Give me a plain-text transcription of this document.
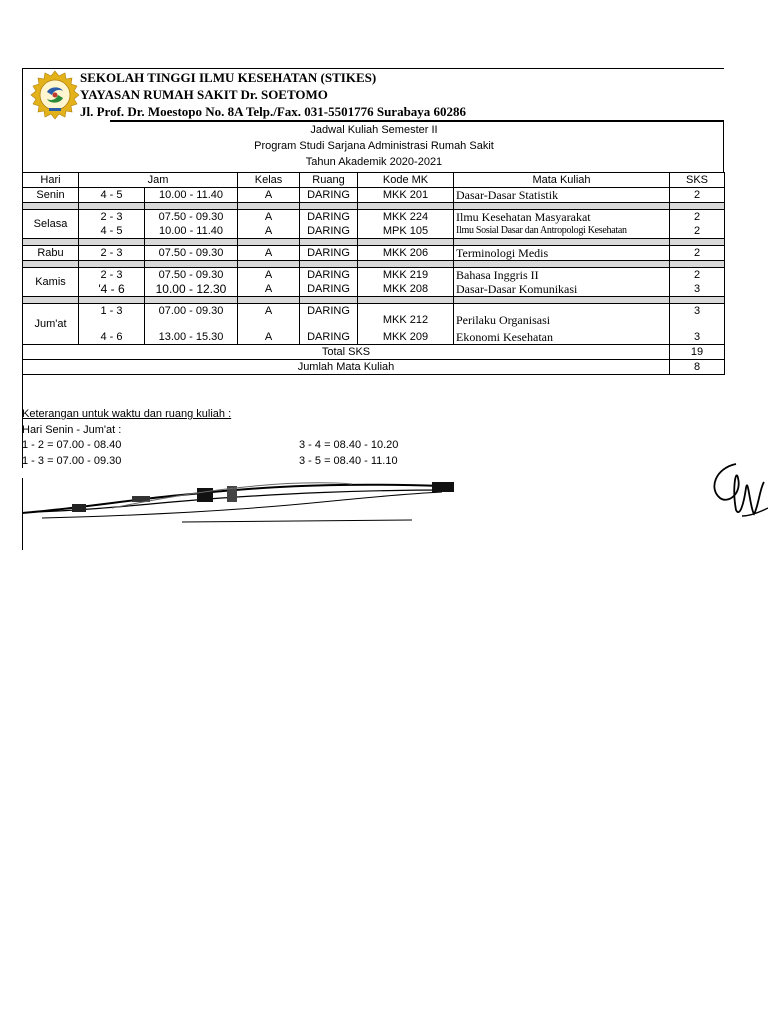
SEKOLAH TINGGI ILMU KESEHATAN (STIKES)
YAYASAN RUMAH SAKIT Dr. SOETOMO
Jl. Prof. Dr. Moestopo No. 8A Telp./Fax. 031-5501776 Surabaya 60286
Jadwal Kuliah Semester II
Program Studi Sarjana Administrasi Rumah Sakit
Tahun Akademik 2020-2021
Hari	Jam		Kelas	Ruang	Kode MK	Mata Kuliah	SKS
Senin	4 - 5	10.00 - 11.40	A	DARING	MKK 201	Dasar-Dasar Statistik	2

Selasa	2 - 3	07.50 - 09.30	A	DARING	MKK 224	Ilmu Kesehatan Masyarakat	2
	4 - 5	10.00 - 11.40	A	DARING	MPK 105	Ilmu Sosial Dasar dan Antropologi Kesehatan	2

Rabu	2 - 3	07.50 - 09.30	A	DARING	MKK 206	Terminologi Medis	2

Kamis	2 - 3	07.50 - 09.30	A	DARING	MKK 219	Bahasa Inggris II	2
	'4 - 6	10.00 - 12.30	A	DARING	MKK 208	Dasar-Dasar Komunikasi	3

Jum'at	1 - 3	07.00 - 09.30	A	DARING	MKK 212	Perilaku Organisasi	3
	4 - 6	13.00 - 15.30	A	DARING	MKK 209	Ekonomi Kesehatan	3
Total SKS							19
Jumlah Mata Kuliah							8
Keterangan untuk waktu dan ruang kuliah :
Hari Senin - Jum'at :
1 - 2 = 07.00 - 08.40	3 - 4 = 08.40 - 10.20
1 - 3 = 07.00 - 09.30	3 - 5 = 08.40 - 11.10
